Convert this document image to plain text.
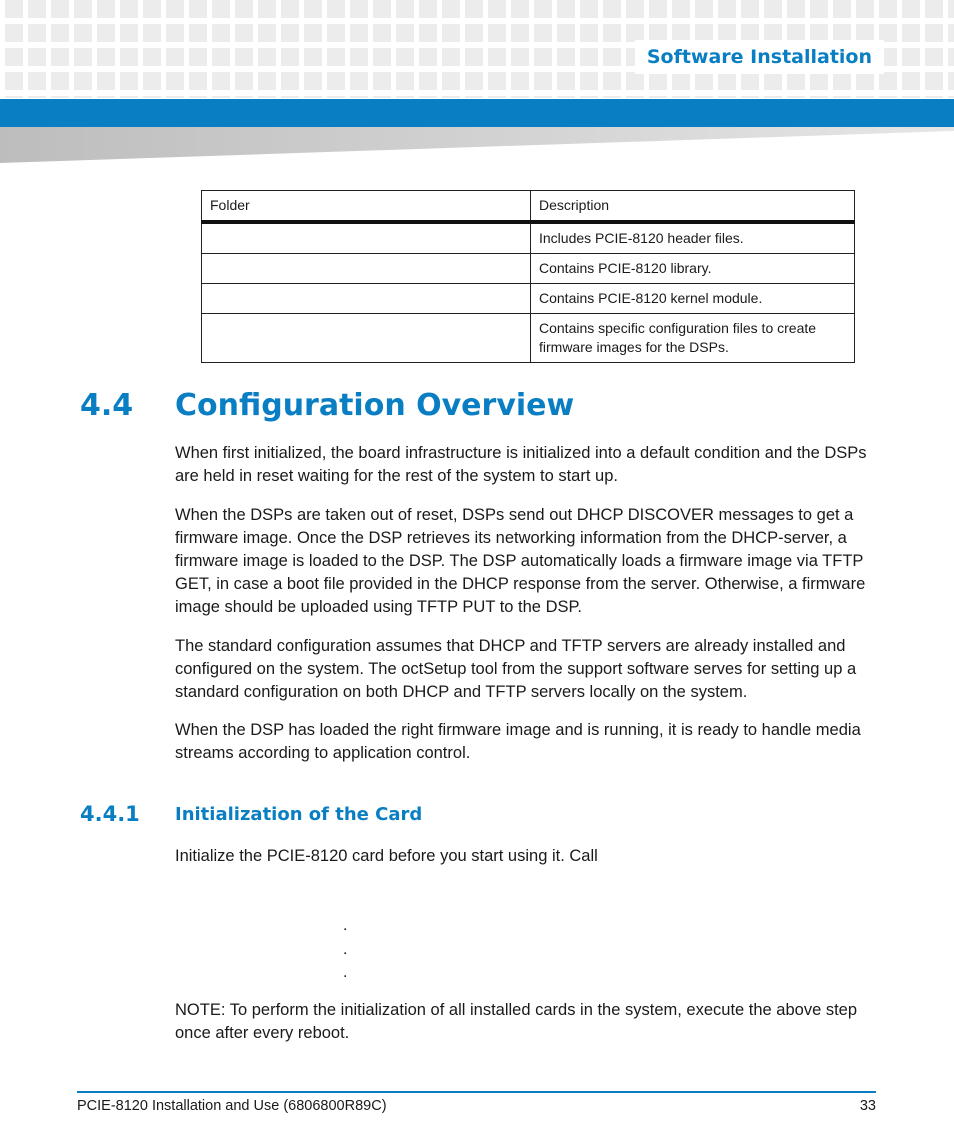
Software Installation
Folder	Description
	Includes PCIE-8120 header files.
	Contains PCIE-8120 library.
	Contains PCIE-8120 kernel module.
	Contains specific configuration files to create firmware images for the DSPs.
4.4 Configuration Overview

When first initialized, the board infrastructure is initialized into a default condition and the DSPs are held in reset waiting for the rest of the system to start up.

When the DSPs are taken out of reset, DSPs send out DHCP DISCOVER messages to get a firmware image. Once the DSP retrieves its networking information from the DHCP-server, a firmware image is loaded to the DSP. The DSP automatically loads a firmware image via TFTP GET, in case a boot file provided in the DHCP response from the server. Otherwise, a firmware image should be uploaded using TFTP PUT to the DSP.

The standard configuration assumes that DHCP and TFTP servers are already installed and configured on the system. The octSetup tool from the support software serves for setting up a standard configuration on both DHCP and TFTP servers locally on the system.

When the DSP has loaded the right firmware image and is running, it is ready to handle media streams according to application control.

4.4.1 Initialization of the Card

Initialize the PCIE-8120 card before you start using it. Call

.
.
.

NOTE: To perform the initialization of all installed cards in the system, execute the above step once after every reboot.

PCIE-8120 Installation and Use (6806800R89C)	33
